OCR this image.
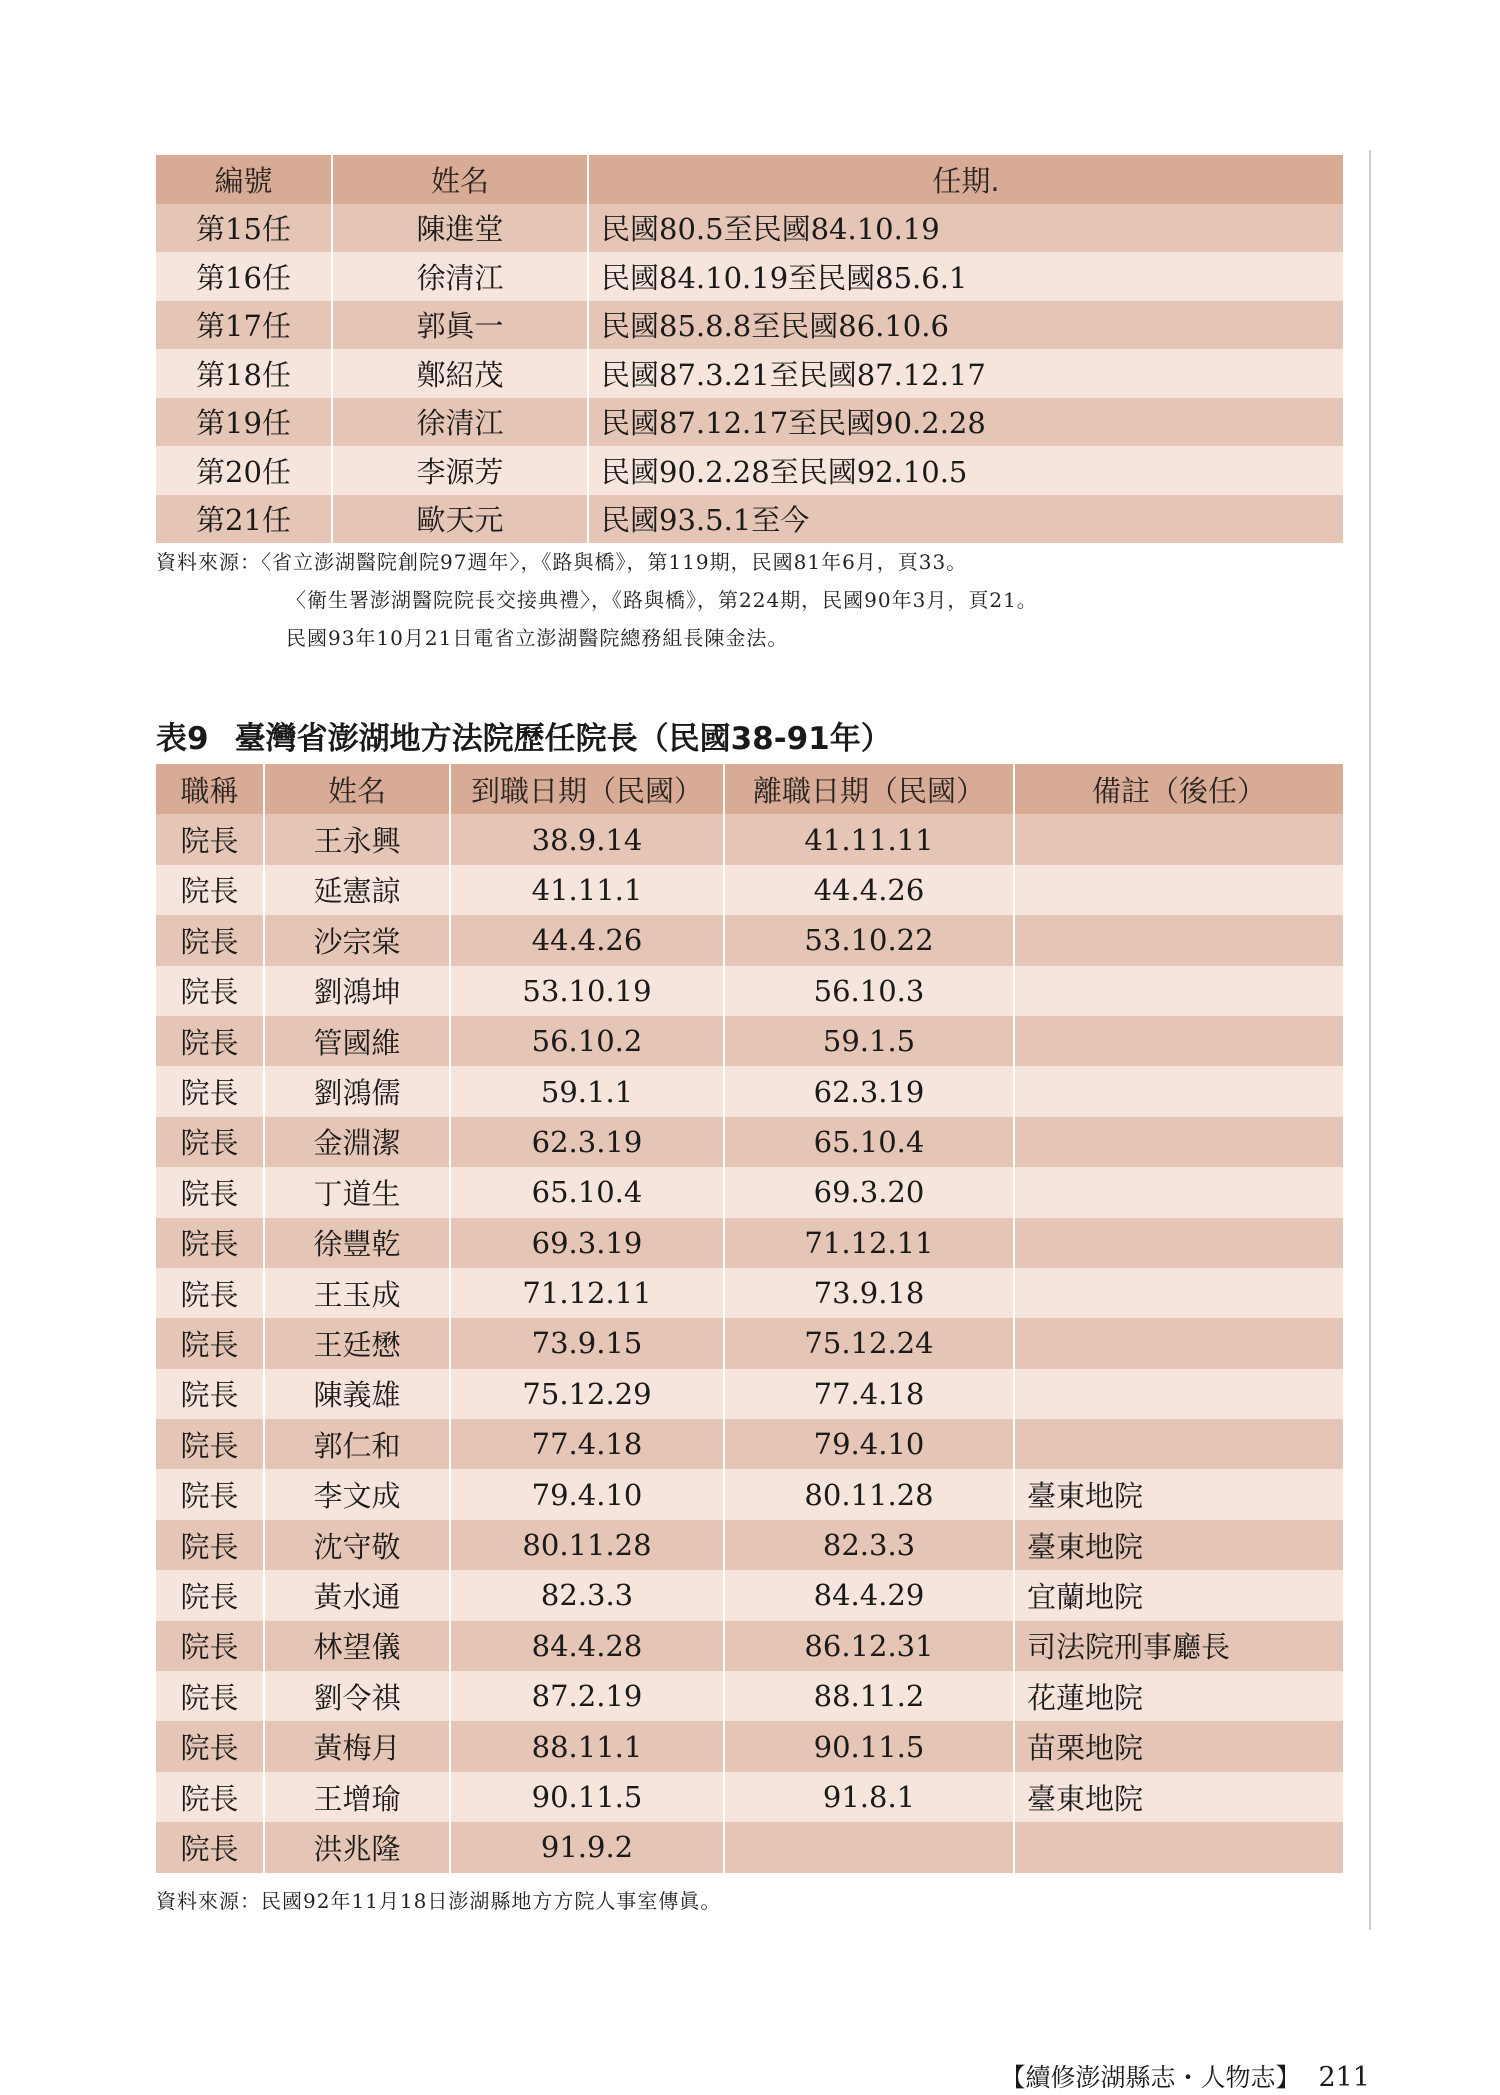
編號	姓名	任期.
第15任	陳進堂	民國80.5至民國84.10.19
第16任	徐清江	民國84.10.19至民國85.6.1
第17任	郭眞一	民國85.8.8至民國86.10.6
第18任	鄭紹茂	民國87.3.21至民國87.12.17
第19任	徐清江	民國87.12.17至民國90.2.28
第20任	李源芳	民國90.2.28至民國92.10.5
第21任	歐天元	民國93.5.1至今
資料來源：〈省立澎湖醫院創院97週年〉，《路與橋》，第119期，民國81年6月，頁33。
〈衛生署澎湖醫院院長交接典禮〉，《路與橋》，第224期，民國90年3月，頁21。
民國93年10月21日電省立澎湖醫院總務組長陳金法。
表9 臺灣省澎湖地方法院歷任院長（民國38-91年）
職稱	姓名	到職日期（民國）	離職日期（民國）	備註（後任）
院長	王永興	38.9.14	41.11.11	
院長	延憲諒	41.11.1	44.4.26	
院長	沙宗棠	44.4.26	53.10.22	
院長	劉鴻坤	53.10.19	56.10.3	
院長	管國維	56.10.2	59.1.5	
院長	劉鴻儒	59.1.1	62.3.19	
院長	金淵潔	62.3.19	65.10.4	
院長	丁道生	65.10.4	69.3.20	
院長	徐豐乾	69.3.19	71.12.11	
院長	王玉成	71.12.11	73.9.18	
院長	王廷懋	73.9.15	75.12.24	
院長	陳義雄	75.12.29	77.4.18	
院長	郭仁和	77.4.18	79.4.10	
院長	李文成	79.4.10	80.11.28	臺東地院
院長	沈守敬	80.11.28	82.3.3	臺東地院
院長	黃水通	82.3.3	84.4.29	宜蘭地院
院長	林望儀	84.4.28	86.12.31	司法院刑事廳長
院長	劉令祺	87.2.19	88.11.2	花蓮地院
院長	黃梅月	88.11.1	90.11.5	苗栗地院
院長	王增瑜	90.11.5	91.8.1	臺東地院
院長	洪兆隆	91.9.2		
資料來源：民國92年11月18日澎湖縣地方方院人事室傳眞。
【續修澎湖縣志・人物志】 211
